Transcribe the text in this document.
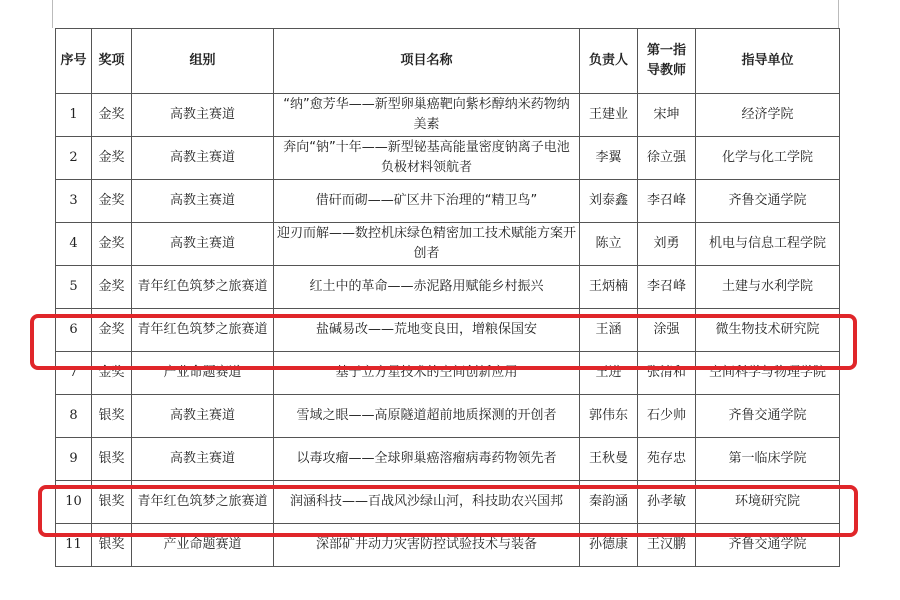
序号	奖项	组别	项目名称	负责人	第一指导教师	指导单位
1	金奖	高教主赛道	“纳”愈芳华——新型卵巢癌靶向紫杉醇纳米药物纳美素	王建业	宋坤	经济学院
2	金奖	高教主赛道	奔向“钠”十年——新型铋基高能量密度钠离子电池负极材料领航者	李翼	徐立强	化学与化工学院
3	金奖	高教主赛道	借矸而砌——矿区井下治理的“精卫鸟”	刘泰鑫	李召峰	齐鲁交通学院
4	金奖	高教主赛道	迎刃而解——数控机床绿色精密加工技术赋能方案开创者	陈立	刘勇	机电与信息工程学院
5	金奖	青年红色筑梦之旅赛道	红土中的革命——赤泥路用赋能乡村振兴	王炳楠	李召峰	土建与水利学院
6	金奖	青年红色筑梦之旅赛道	盐碱易改——荒地变良田，增粮保国安	王涵	涂强	微生物技术研究院
7	金奖	产业命题赛道	基于立方星技术的空间创新应用	王进	张清和	空间科学与物理学院
8	银奖	高教主赛道	雪域之眼——高原隧道超前地质探测的开创者	郭伟东	石少帅	齐鲁交通学院
9	银奖	高教主赛道	以毒攻瘤——全球卵巢癌溶瘤病毒药物领先者	王秋曼	苑存忠	第一临床学院
10	银奖	青年红色筑梦之旅赛道	润涵科技——百战风沙绿山河，科技助农兴国邦	秦韵涵	孙孝敏	环境研究院
11	银奖	产业命题赛道	深部矿井动力灾害防控试验技术与装备	孙德康	王汉鹏	齐鲁交通学院
